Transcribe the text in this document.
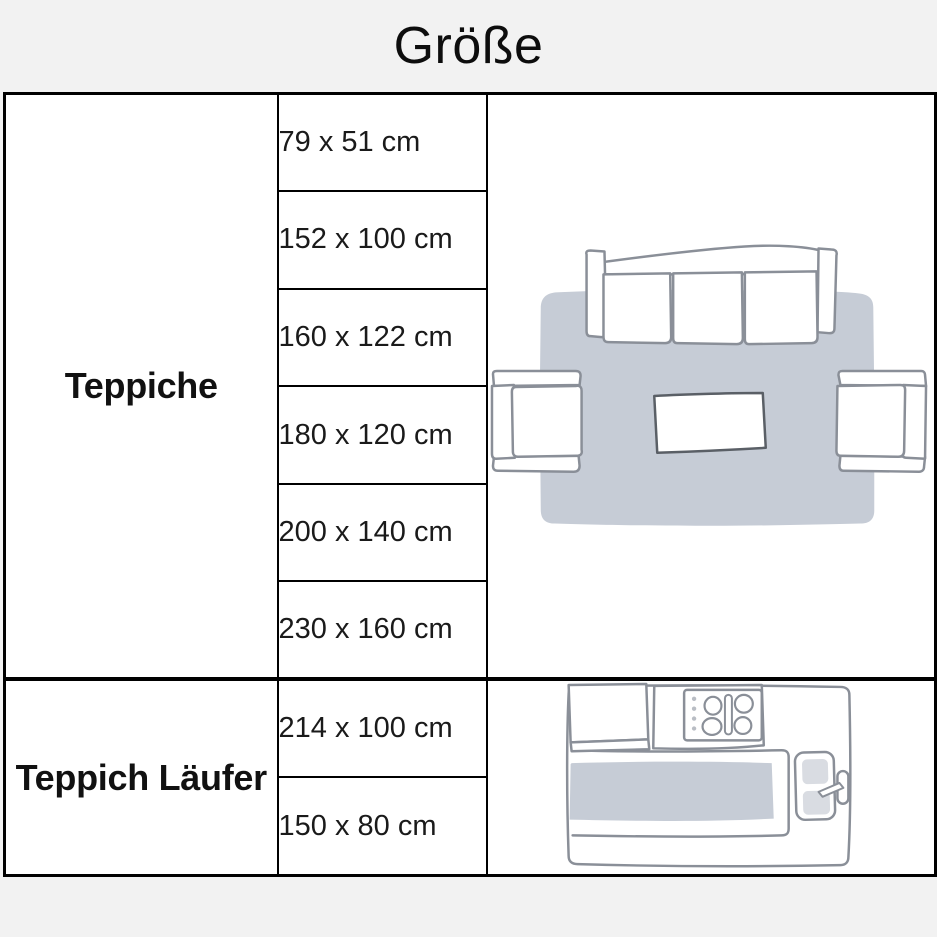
Größe
Teppiche	79 x 51 cm	

	152 x 100 cm	
	160 x 122 cm	
	180 x 120 cm	
	200 x 140 cm	
	230 x 160 cm	
Teppich Läufer	214 x 100 cm	

	150 x 80 cm	
